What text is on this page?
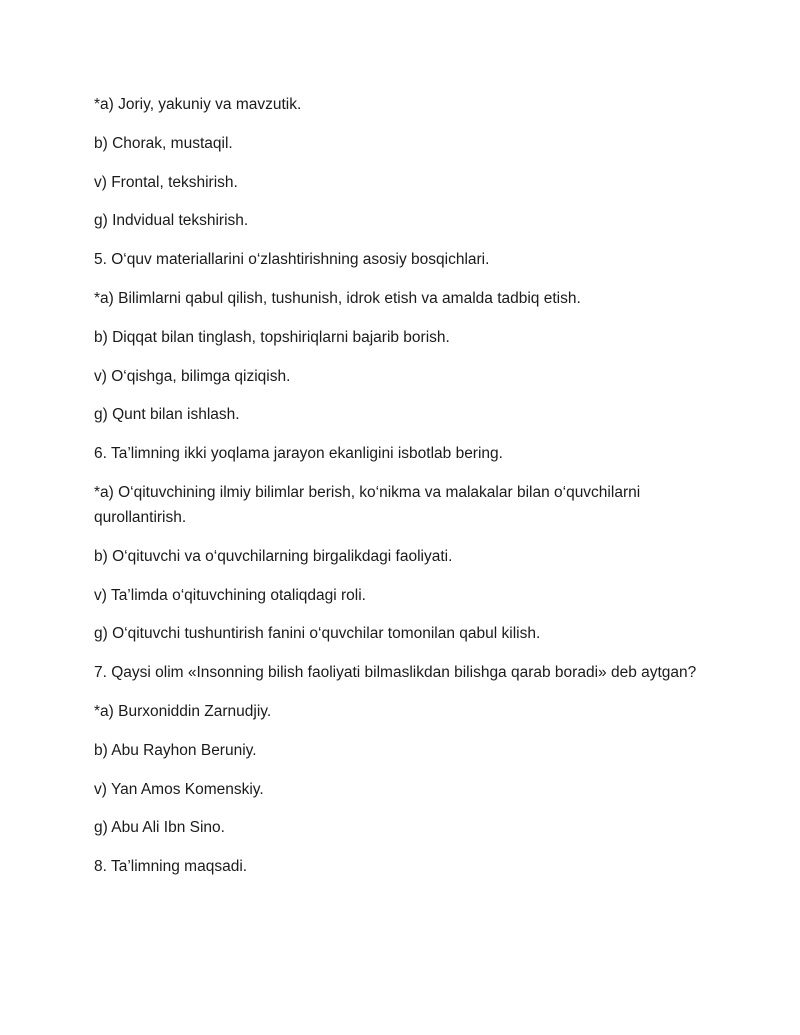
*a) Joriy, yakuniy va mavzutik.

b) Chorak, mustaqil.

v) Frontal, tekshirish.

g) Indvidual tekshirish.

5. O‘quv materiallarini o‘zlashtirishning asosiy bosqichlari.

*a) Bilimlarni qabul qilish, tushunish, idrok etish va amalda tadbiq etish.

b) Diqqat bilan tinglash, topshiriqlarni bajarib borish.

v) O‘qishga, bilimga qiziqish.

g) Qunt bilan ishlash.

6. Ta’limning ikki yoqlama jarayon ekanligini isbotlab bering.

*a) O‘qituvchining ilmiy bilimlar berish, ko‘nikma va malakalar bilan o‘quvchilarni qurollantirish.

b) O‘qituvchi va o‘quvchilarning birgalikdagi faoliyati.

v) Ta’limda o‘qituvchining otaliqdagi roli.

g) O‘qituvchi tushuntirish fanini o‘quvchilar tomonilan qabul kilish.

7. Qaysi olim «Insonning bilish faoliyati bilmaslikdan bilishga qarab boradi» deb aytgan?

*a) Burxoniddin Zarnudjiy.

b) Abu Rayhon Beruniy.

v) Yan Amos Komenskiy.

g) Abu Ali Ibn Sino.

8. Ta’limning maqsadi.
